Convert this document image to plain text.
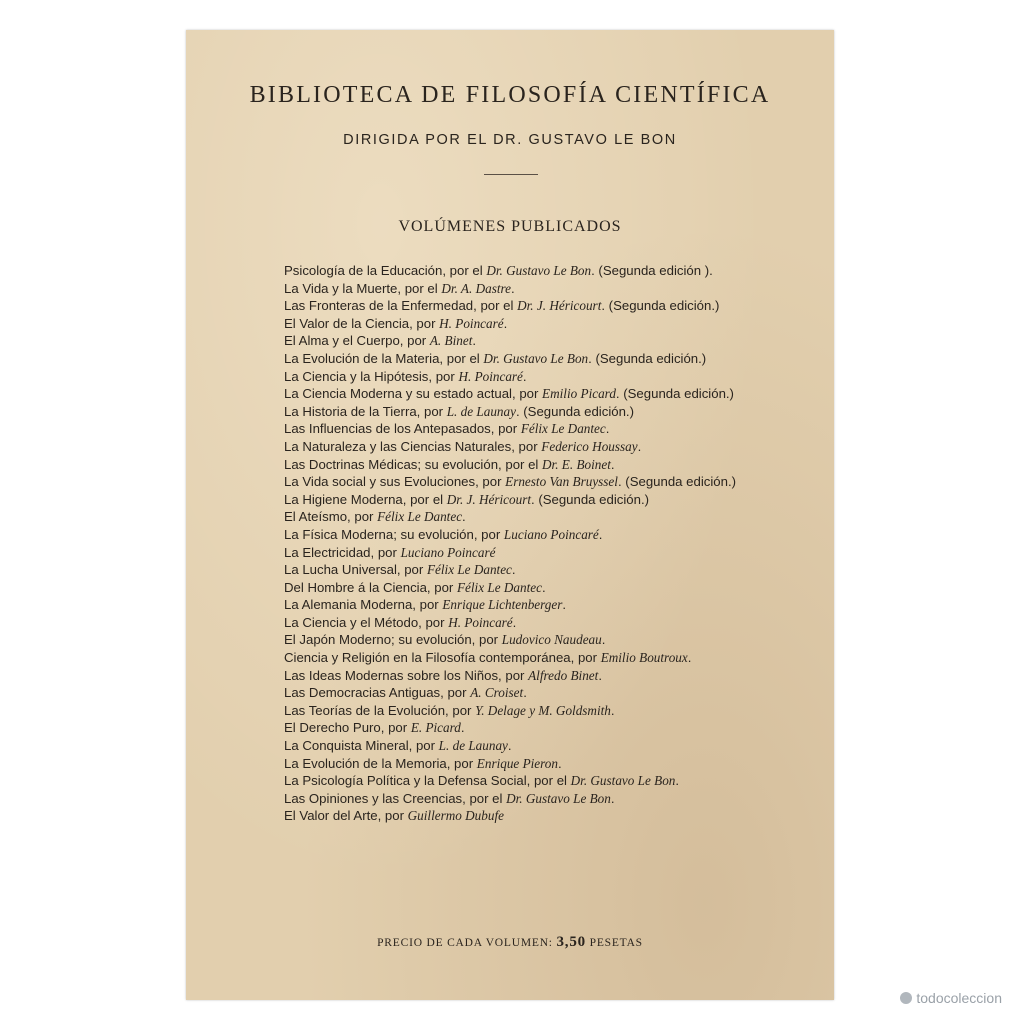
BIBLIOTECA DE FILOSOFÍA CIENTÍFICA
DIRIGIDA POR EL DR. GUSTAVO LE BON
VOLÚMENES PUBLICADOS
Psicología de la Educación, por el Dr. Gustavo Le Bon. (Segunda edición ).
La Vida y la Muerte, por el Dr. A. Dastre.
Las Fronteras de la Enfermedad, por el Dr. J. Héricourt. (Segunda edición.)
El Valor de la Ciencia, por H. Poincaré.
El Alma y el Cuerpo, por A. Binet.
La Evolución de la Materia, por el Dr. Gustavo Le Bon. (Segunda edición.)
La Ciencia y la Hipótesis, por H. Poincaré.
La Ciencia Moderna y su estado actual, por Emilio Picard. (Segunda edición.)
La Historia de la Tierra, por L. de Launay. (Segunda edición.)
Las Influencias de los Antepasados, por Félix Le Dantec.
La Naturaleza y las Ciencias Naturales, por Federico Houssay.
Las Doctrinas Médicas; su evolución, por el Dr. E. Boinet.
La Vida social y sus Evoluciones, por Ernesto Van Bruyssel. (Segunda edición.)
La Higiene Moderna, por el Dr. J. Héricourt. (Segunda edición.)
El Ateísmo, por Félix Le Dantec.
La Física Moderna; su evolución, por Luciano Poincaré.
La Electricidad, por Luciano Poincaré
La Lucha Universal, por Félix Le Dantec.
Del Hombre á la Ciencia, por Félix Le Dantec.
La Alemania Moderna, por Enrique Lichtenberger.
La Ciencia y el Método, por H. Poincaré.
El Japón Moderno; su evolución, por Ludovico Naudeau.
Ciencia y Religión en la Filosofía contemporánea, por Emilio Boutroux.
Las Ideas Modernas sobre los Niños, por Alfredo Binet.
Las Democracias Antiguas, por A. Croiset.
Las Teorías de la Evolución, por Y. Delage y M. Goldsmith.
El Derecho Puro, por E. Picard.
La Conquista Mineral, por L. de Launay.
La Evolución de la Memoria, por Enrique Pieron.
La Psicología Política y la Defensa Social, por el Dr. Gustavo Le Bon.
Las Opiniones y las Creencias, por el Dr. Gustavo Le Bon.
El Valor del Arte, por Guillermo Dubufe
PRECIO DE CADA VOLUMEN: 3,50 PESETAS
todocoleccion
